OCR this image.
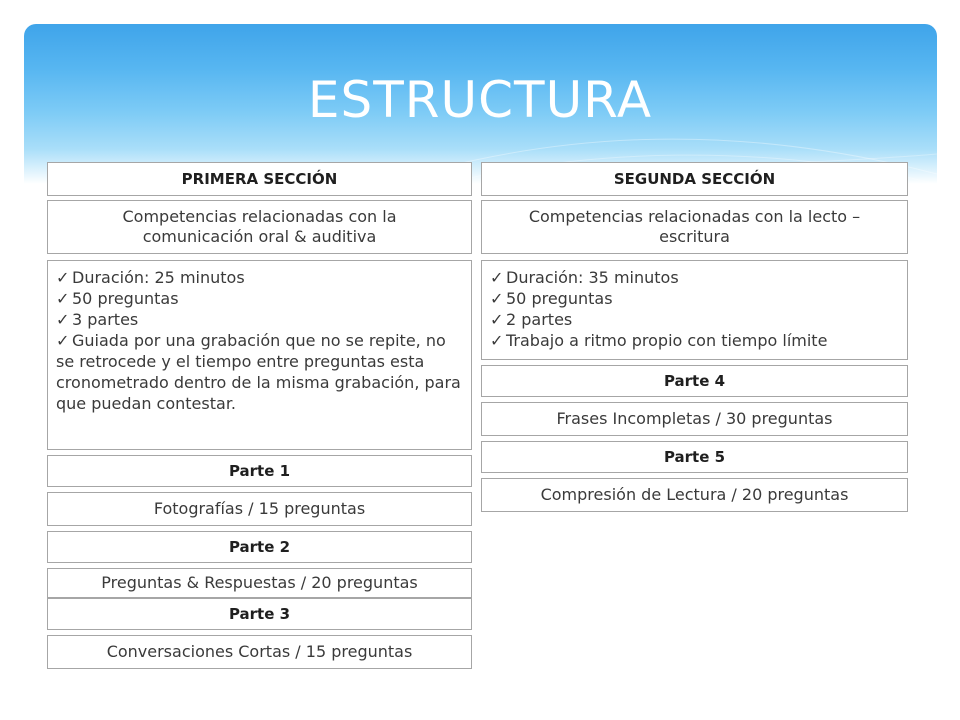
ESTRUCTURA
PRIMERA SECCIÓN
Competencias relacionadas con la
comunicación oral & auditiva
✓ Duración: 25 minutos
✓ 50 preguntas
✓ 3 partes
✓ Guiada por una grabación que no se repite, no se retrocede y el tiempo entre preguntas esta cronometrado dentro de la misma grabación, para que puedan contestar.
Parte 1
Fotografías / 15 preguntas
Parte 2
Preguntas & Respuestas / 20 preguntas
Parte 3
Conversaciones Cortas / 15 preguntas
SEGUNDA SECCIÓN
Competencias relacionadas con la lecto –
escritura
✓ Duración: 35 minutos
✓ 50 preguntas
✓ 2 partes
✓ Trabajo a ritmo propio con tiempo límite
Parte 4
Frases Incompletas / 30 preguntas
Parte 5
Compresión de Lectura / 20 preguntas
